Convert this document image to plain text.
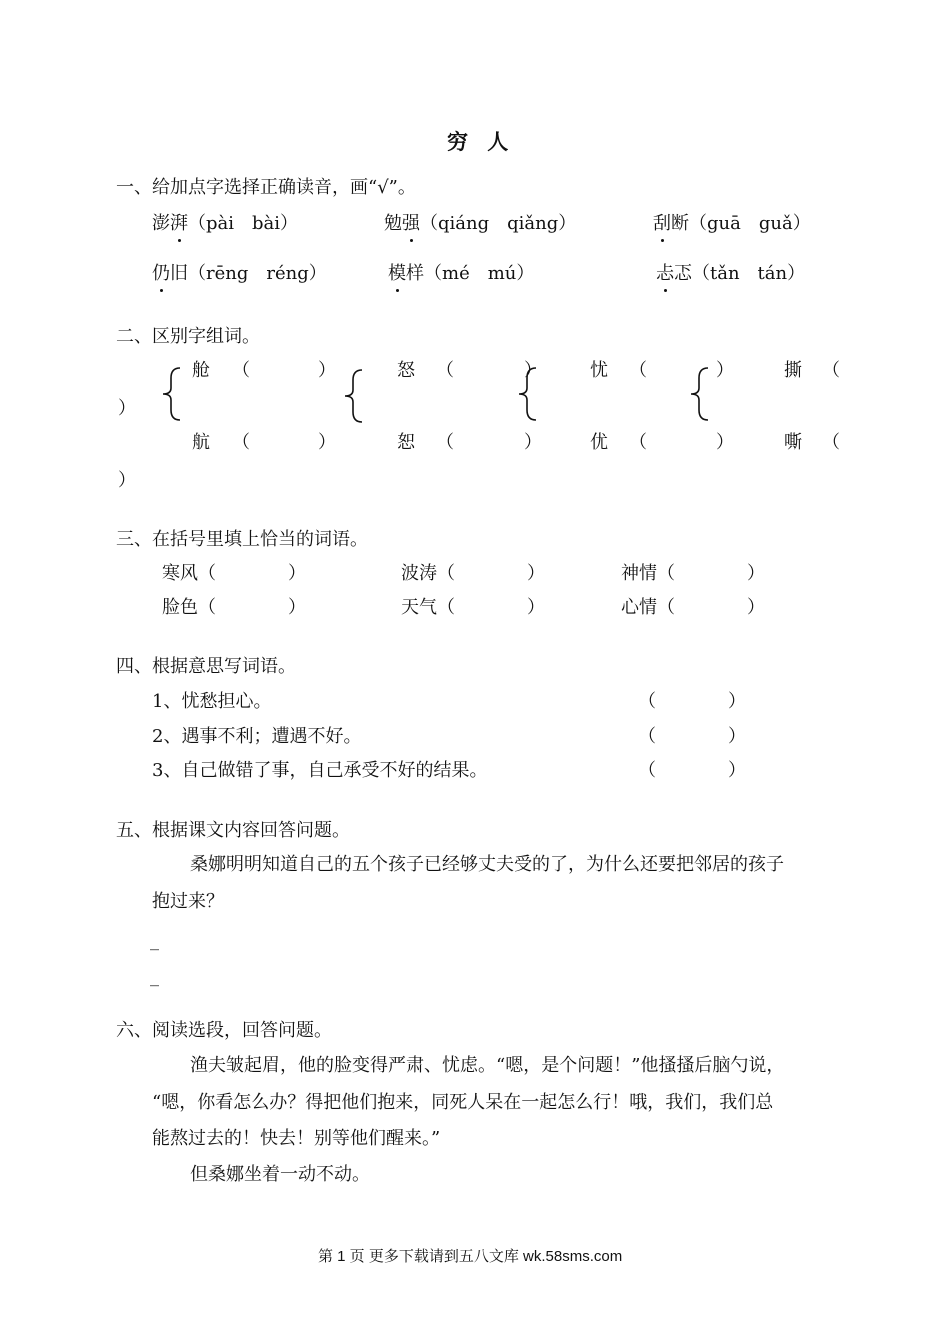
穷 人
一、给加点字选择正确读音，画“√”。
澎湃（pài　bài）	勉强（qiáng　qiǎng）	刮断（guā　guǎ）
仍旧（rēng　réng）	模样（mé　mú）	忐忑（tǎn　tán）
二、区别字组词。
舱 （	）	怒 （	）	忧 （	）	撕 （
）
航 （	）	恕 （	）	优 （	）	嘶 （
）
三、在括号里填上恰当的词语。
寒风（　　　　）	波涛（　　　　）	神情（　　　　）
脸色（　　　　）	天气（　　　　）	心情（　　　　）
四、根据意思写词语。
1、忧愁担心。	（　　　　）
2、遇事不利；遭遇不好。	（　　　　）
3、自己做错了事，自己承受不好的结果。	（　　　　）
五、根据课文内容回答问题。
桑娜明明知道自己的五个孩子已经够丈夫受的了，为什么还要把邻居的孩子
抱过来？
_
_
六、阅读选段，回答问题。
渔夫皱起眉，他的脸变得严肃、忧虑。“嗯，是个问题！”他搔搔后脑勺说，
“嗯，你看怎么办？得把他们抱来，同死人呆在一起怎么行！哦，我们，我们总
能熬过去的！快去！别等他们醒来。”
但桑娜坐着一动不动。
第 1 页 更多下载请到五八文库 wk.58sms.com
